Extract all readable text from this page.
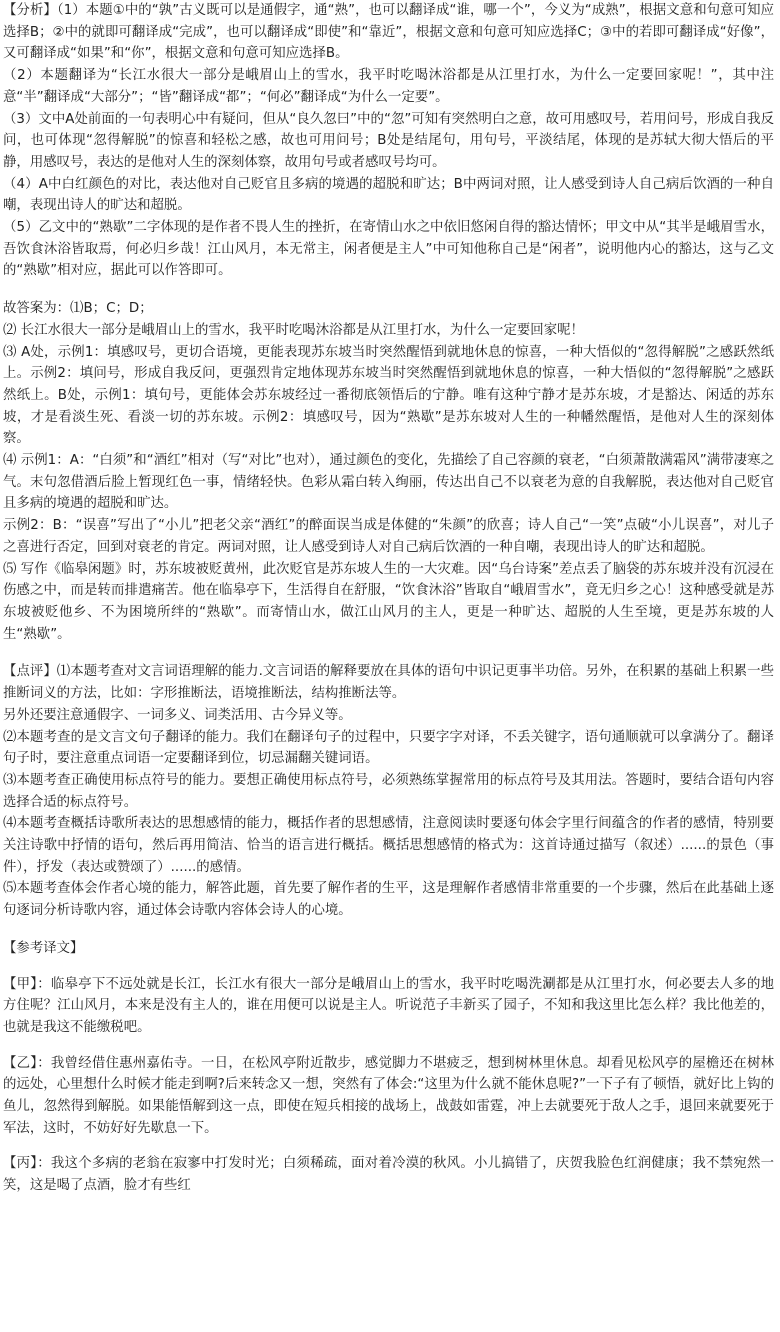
【分析】（1）本题①中的“孰”古义既可以是通假字，通“熟”，也可以翻译成“谁，哪一个”，今义为“成熟”，根据文意和句意可知应选择B；②中的就即可翻译成“完成”，也可以翻译成“即使”和“靠近”，根据文意和句意可知应选择C；③中的若即可翻译成“好像”，又可翻译成“如果”和“你”，根据文意和句意可知应选择B。

（2）本题翻译为“长江水很大一部分是峨眉山上的雪水，我平时吃喝沐浴都是从江里打水，为什么一定要回家呢！”，其中注意“半”翻译成“大部分”；“皆”翻译成“都”；“何必”翻译成“为什么一定要”。

（3）文中A处前面的一句表明心中有疑问，但从“良久忽曰”中的“忽”可知有突然明白之意，故可用感叹号，若用问号，形成自我反问，也可体现“忽得解脱”的惊喜和轻松之感，故也可用问号；B处是结尾句，用句号，平淡结尾，体现的是苏轼大彻大悟后的平静，用感叹号，表达的是他对人生的深刻体察，故用句号或者感叹号均可。

（4）A中白红颜色的对比，表达他对自己贬官且多病的境遇的超脱和旷达；B中两词对照，让人感受到诗人自己病后饮酒的一种自嘲，表现出诗人的旷达和超脱。

（5）乙文中的“熟歇”二字体现的是作者不畏人生的挫折，在寄情山水之中依旧悠闲自得的豁达情怀；甲文中从“其半是峨眉雪水，吾饮食沐浴皆取焉，何必归乡哉！江山风月，本无常主，闲者便是主人”中可知他称自己是“闲者”，说明他内心的豁达，这与乙文的“熟歇”相对应，据此可以作答即可。

故答案为：⑴B；C；D；

⑵ 长江水很大一部分是峨眉山上的雪水，我平时吃喝沐浴都是从江里打水，为什么一定要回家呢！

⑶ A处，示例1：填感叹号，更切合语境，更能表现苏东坡当时突然醒悟到就地休息的惊喜，一种大悟似的“忽得解脱”之感跃然纸上。示例2：填问号，形成自我反问，更强烈肯定地体现苏东坡当时突然醒悟到就地休息的惊喜，一种大悟似的“忽得解脱”之感跃然纸上。B处，示例1：填句号，更能体会苏东坡经过一番彻底领悟后的宁静。唯有这种宁静才是苏东坡，才是豁达、闲适的苏东坡，才是看淡生死、看淡一切的苏东坡。示例2：填感叹号，因为“熟歇”是苏东坡对人生的一种幡然醒悟，是他对人生的深刻体察。

⑷ 示例1：A：“白须”和“酒红”相对（写“对比”也对），通过颜色的变化，先描绘了自己容颜的衰老，“白须萧散满霜风”满带凄寒之气。末句忽借酒后脸上暂现红色一事，情绪轻快。色彩从霜白转入绚丽，传达出自己不以衰老为意的自我解脱，表达他对自己贬官且多病的境遇的超脱和旷达。

示例2：B：“误喜”写出了“小儿”把老父亲“酒红”的醉面误当成是体健的“朱颜”的欣喜；诗人自己“一笑”点破“小儿误喜”，对儿子之喜进行否定，回到对衰老的肯定。两词对照，让人感受到诗人对自己病后饮酒的一种自嘲，表现出诗人的旷达和超脱。

⑸ 写作《临皋闲题》时，苏东坡被贬黄州，此次贬官是苏东坡人生的一大灾难。因“乌台诗案”差点丢了脑袋的苏东坡并没有沉浸在伤感之中，而是转而排遣痛苦。他在临皋亭下，生活得自在舒服，“饮食沐浴”皆取自“峨眉雪水”，竟无归乡之心！这种感受就是苏东坡被贬他乡、不为困境所绊的“熟歇”。而寄情山水，做江山风月的主人，更是一种旷达、超脱的人生至境，更是苏东坡的人生“熟歇”。

【点评】⑴本题考查对文言词语理解的能力.文言词语的解释要放在具体的语句中识记更事半功倍。另外，在积累的基础上积累一些推断词义的方法，比如：字形推断法，语境推断法，结构推断法等。

另外还要注意通假字、一词多义、词类活用、古今异义等。

⑵本题考查的是文言文句子翻译的能力。我们在翻译句子的过程中，只要字字对译，不丢关键字，语句通顺就可以拿满分了。翻译句子时，要注意重点词语一定要翻译到位，切忌漏翻关键词语。

⑶本题考查正确使用标点符号的能力。要想正确使用标点符号，必须熟练掌握常用的标点符号及其用法。答题时，要结合语句内容选择合适的标点符号。

⑷本题考查概括诗歌所表达的思想感情的能力，概括作者的思想感情，注意阅读时要逐句体会字里行间蕴含的作者的感情，特别要关注诗歌中抒情的语句，然后再用简洁、恰当的语言进行概括。概括思想感情的格式为：这首诗通过描写（叙述）......的景色（事件），抒发（表达或赞颂了）......的感情。

⑸本题考查体会作者心境的能力，解答此题，首先要了解作者的生平，这是理解作者感情非常重要的一个步骤，然后在此基础上逐句逐词分析诗歌内容，通过体会诗歌内容体会诗人的心境。

【参考译文】

【甲】：临皋亭下不远处就是长江，长江水有很大一部分是峨眉山上的雪水，我平时吃喝洗涮都是从江里打水，何必要去人多的地方住呢？江山风月，本来是没有主人的，谁在用便可以说是主人。听说范子丰新买了园子，不知和我这里比怎么样？我比他差的，也就是我这不能缴税吧。

【乙】：我曾经借住惠州嘉佑寺。一日，在松风亭附近散步，感觉脚力不堪疲乏，想到树林里休息。却看见松风亭的屋檐还在树林的远处，心里想什么时候才能走到啊?后来转念又一想，突然有了体会:“这里为什么就不能休息呢?”一下子有了顿悟，就好比上钩的鱼儿，忽然得到解脱。如果能悟解到这一点，即使在短兵相接的战场上，战鼓如雷霆，冲上去就要死于敌人之手，退回来就要死于军法，这时，不妨好好先歇息一下。

【丙】：我这个多病的老翁在寂寥中打发时光；白须稀疏，面对着冷漠的秋风。小儿搞错了，庆贺我脸色红润健康；我不禁宛然一笑，这是喝了点酒，脸才有些红
